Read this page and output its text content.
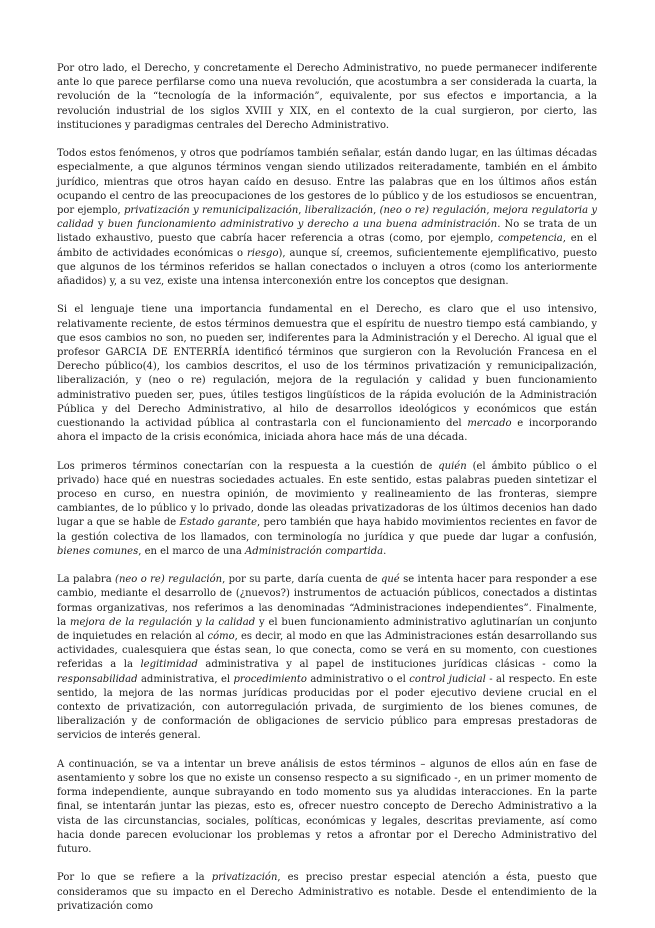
Por otro lado, el Derecho, y concretamente el Derecho Administrativo, no puede permanecer indiferente ante lo que parece perfilarse como una nueva revolución, que acostumbra a ser considerada la cuarta, la revolución de la “tecnología de la información”, equivalente, por sus efectos e importancia, a la revolución industrial de los siglos XVIII y XIX, en el contexto de la cual surgieron, por cierto, las instituciones y paradigmas centrales del Derecho Administrativo.

Todos estos fenómenos, y otros que podríamos también señalar, están dando lugar, en las últimas décadas especialmente, a que algunos términos vengan siendo utilizados reiteradamente, también en el ámbito jurídico, mientras que otros hayan caído en desuso. Entre las palabras que en los últimos años están ocupando el centro de las preocupaciones de los gestores de lo público y de los estudiosos se encuentran, por ejemplo, privatización y remunicipalización, liberalización, (neo o re) regulación, mejora regulatoria y calidad y buen funcionamiento administrativo y derecho a una buena administración. No se trata de un listado exhaustivo, puesto que cabría hacer referencia a otras (como, por ejemplo, competencia, en el ámbito de actividades económicas o riesgo), aunque sí, creemos, suficientemente ejemplificativo, puesto que algunos de los términos referidos se hallan conectados o incluyen a otros (como los anteriormente añadidos) y, a su vez, existe una intensa interconexión entre los conceptos que designan.

Si el lenguaje tiene una importancia fundamental en el Derecho, es claro que el uso intensivo, relativamente reciente, de estos términos demuestra que el espíritu de nuestro tiempo está cambiando, y que esos cambios no son, no pueden ser, indiferentes para la Administración y el Derecho. Al igual que el profesor GARCIA DE ENTERRÍA identificó términos que surgieron con la Revolución Francesa en el Derecho público(4), los cambios descritos, el uso de los términos privatización y remunicipalización, liberalización, y (neo o re) regulación, mejora de la regulación y calidad y buen funcionamiento administrativo pueden ser, pues, útiles testigos lingüísticos de la rápida evolución de la Administración Pública y del Derecho Administrativo, al hilo de desarrollos ideológicos y económicos que están cuestionando la actividad pública al contrastarla con el funcionamiento del mercado e incorporando ahora el impacto de la crisis económica, iniciada ahora hace más de una década.

Los primeros términos conectarían con la respuesta a la cuestión de quién (el ámbito público o el privado) hace qué en nuestras sociedades actuales. En este sentido, estas palabras pueden sintetizar el proceso en curso, en nuestra opinión, de movimiento y realineamiento de las fronteras, siempre cambiantes, de lo público y lo privado, donde las oleadas privatizadoras de los últimos decenios han dado lugar a que se hable de Estado garante, pero también que haya habido movimientos recientes en favor de la gestión colectiva de los llamados, con terminología no jurídica y que puede dar lugar a confusión, bienes comunes, en el marco de una Administración compartida.

La palabra (neo o re) regulación, por su parte, daría cuenta de qué se intenta hacer para responder a ese cambio, mediante el desarrollo de (¿nuevos?) instrumentos de actuación públicos, conectados a distintas formas organizativas, nos referimos a las denominadas “Administraciones independientes”. Finalmente, la mejora de la regulación y la calidad y el buen funcionamiento administrativo aglutinarían un conjunto de inquietudes en relación al cómo, es decir, al modo en que las Administraciones están desarrollando sus actividades, cualesquiera que éstas sean, lo que conecta, como se verá en su momento, con cuestiones referidas a la legitimidad administrativa y al papel de instituciones jurídicas clásicas - como la responsabilidad administrativa, el procedimiento administrativo o el control judicial - al respecto. En este sentido, la mejora de las normas jurídicas producidas por el poder ejecutivo deviene crucial en el contexto de privatización, con autorregulación privada, de surgimiento de los bienes comunes, de liberalización y de conformación de obligaciones de servicio público para empresas prestadoras de servicios de interés general.

A continuación, se va a intentar un breve análisis de estos términos – algunos de ellos aún en fase de asentamiento y sobre los que no existe un consenso respecto a su significado -, en un primer momento de forma independiente, aunque subrayando en todo momento sus ya aludidas interacciones. En la parte final, se intentarán juntar las piezas, esto es, ofrecer nuestro concepto de Derecho Administrativo a la vista de las circunstancias, sociales, políticas, económicas y legales, descritas previamente, así como hacia donde parecen evolucionar los problemas y retos a afrontar por el Derecho Administrativo del futuro.

Por lo que se refiere a la privatización, es preciso prestar especial atención a ésta, puesto que consideramos que su impacto en el Derecho Administrativo es notable. Desde el entendimiento de la privatización como
